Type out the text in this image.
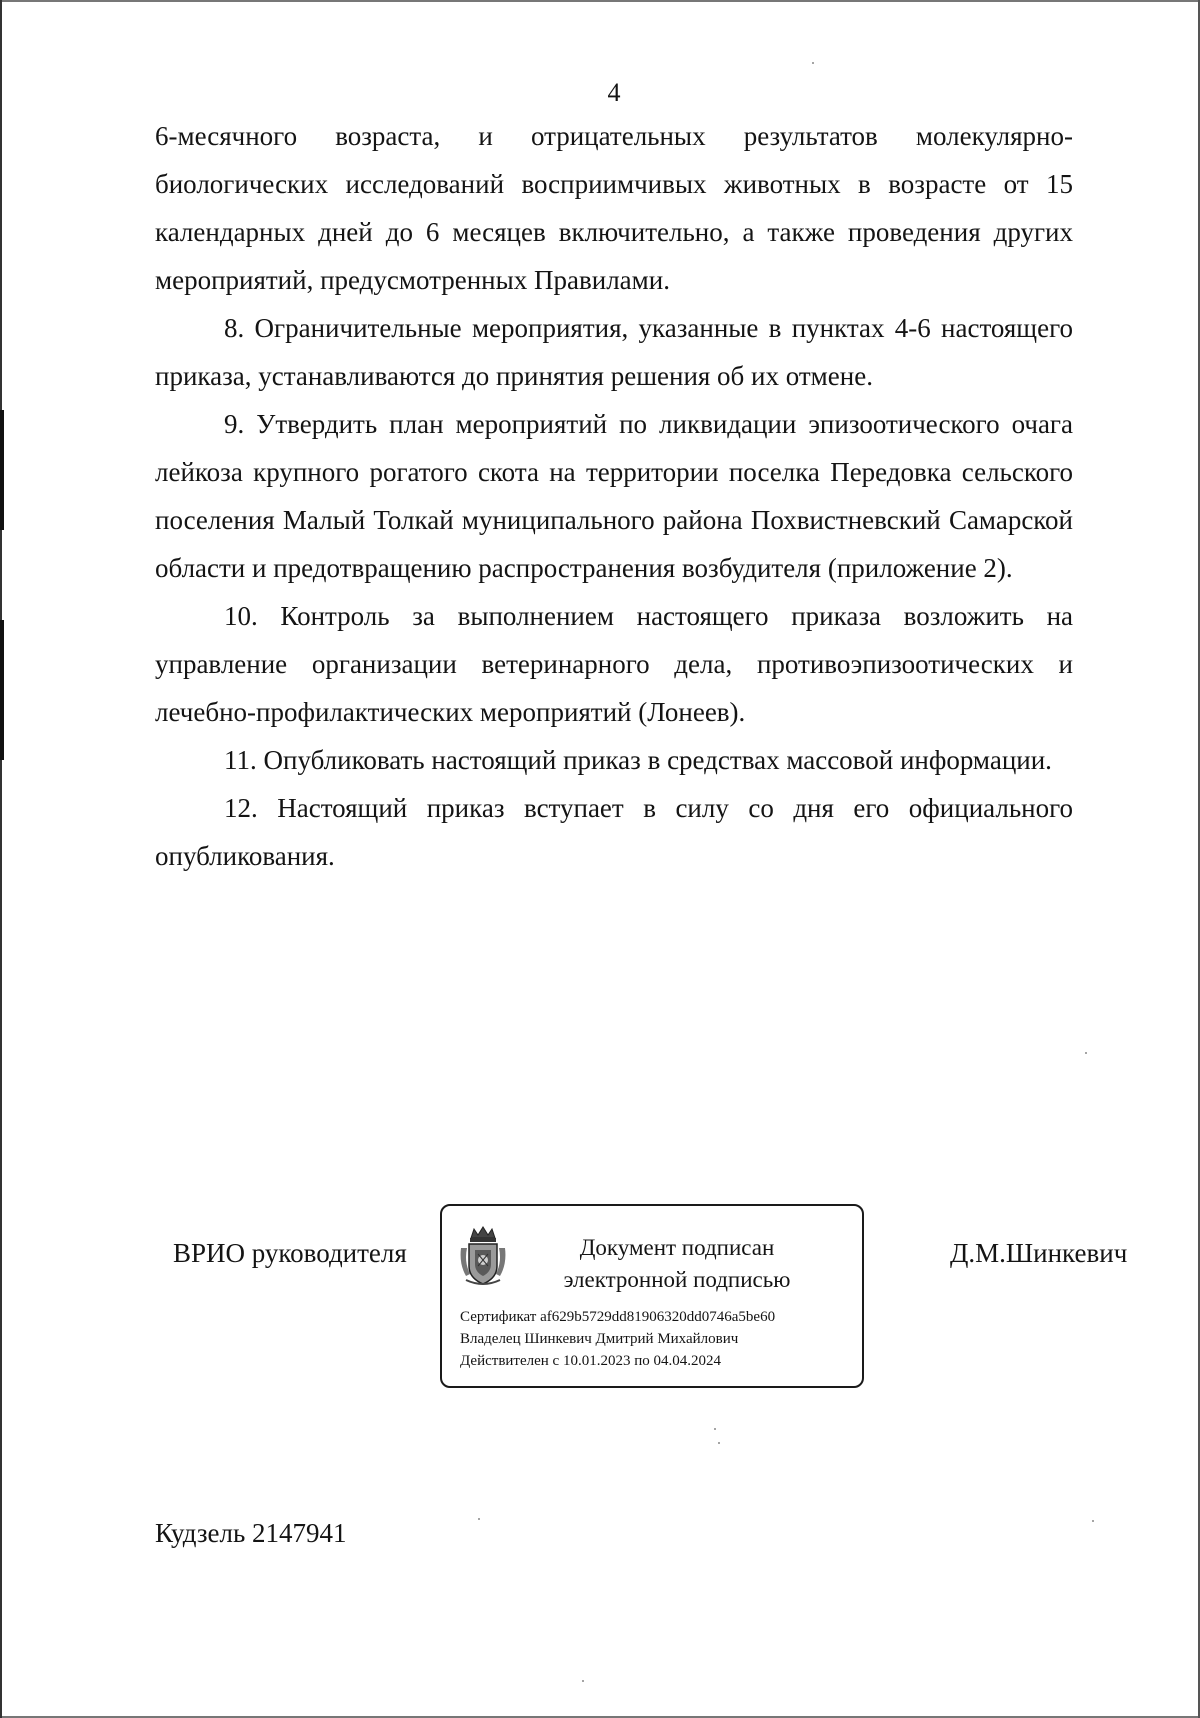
4

6-месячного возраста, и отрицательных результатов молекулярно-биологических исследований восприимчивых животных в возрасте от 15 календарных дней до 6 месяцев включительно, а также проведения других мероприятий, предусмотренных Правилами.

8. Ограничительные мероприятия, указанные в пунктах 4-6 настоящего приказа, устанавливаются до принятия решения об их отмене.

9. Утвердить план мероприятий по ликвидации эпизоотического очага лейкоза крупного рогатого скота на территории поселка Передовка сельского поселения Малый Толкай муниципального района Похвистневский Самарской области и предотвращению распространения возбудителя (приложение 2).

10. Контроль за выполнением настоящего приказа возложить на управление организации ветеринарного дела, противоэпизоотических и лечебно-профилактических мероприятий (Лонеев).

11. Опубликовать настоящий приказ в средствах массовой информации.

12. Настоящий приказ вступает в силу со дня его официального опубликования.

ВРИО руководителя	Документ подписан
электронной подписью
Сертификат af629b5729dd81906320dd0746a5be60
Владелец Шинкевич Дмитрий Михайлович
Действителен с 10.01.2023 по 04.04.2024
Д.М.Шинкевич
Кудзель 2147941
